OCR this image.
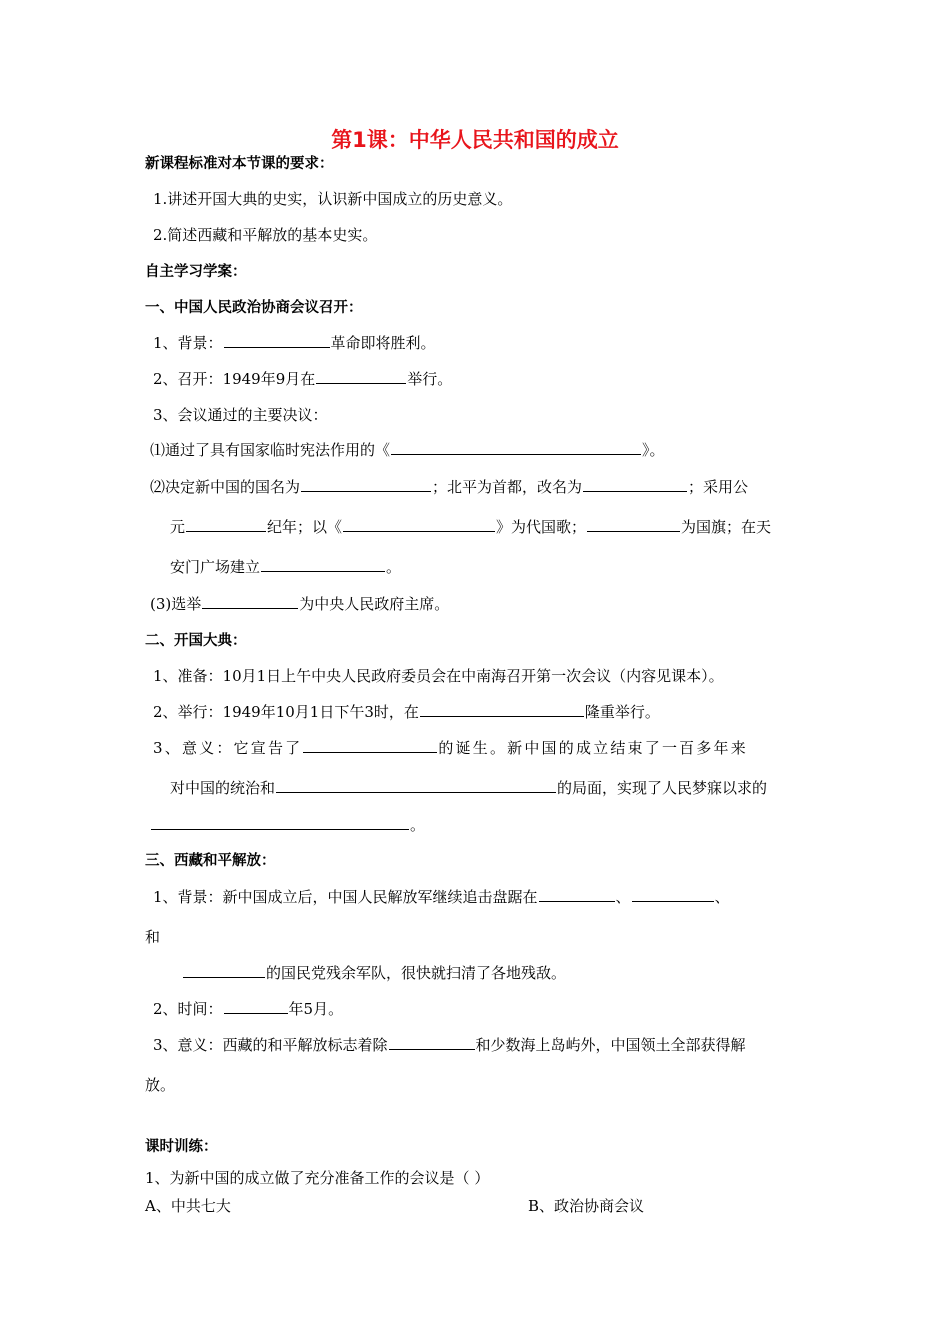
第1课：中华人民共和国的成立
新课程标准对本节课的要求：
1.讲述开国大典的史实，认识新中国成立的历史意义。
2.简述西藏和平解放的基本史实。
自主学习学案：
一、中国人民政治协商会议召开：
1、背景：	革命即将胜利。
2、召开：1949年9月在	举行。
3、会议通过的主要决议：
⑴通过了具有国家临时宪法作用的《	》。
⑵决定新中国的国名为	；北平为首都，改名为	；采用公
元	纪年；以《	》为代国歌；	为国旗；在天
安门广场建立	。
(3)选举	为中央人民政府主席。
二、开国大典：
1、准备：10月1日上午中央人民政府委员会在中南海召开第一次会议（内容见课本）。
2、举行：1949年10月1日下午3时，在	隆重举行。
3、意义：它宣告了	的诞生。新中国的成立结束了一百多年来
对中国的统治和	的局面，实现了人民梦寐以求的
。
三、西藏和平解放：
1、背景：新中国成立后，中国人民解放军继续追击盘踞在	、	、
和
的国民党残余军队，很快就扫清了各地残敌。
2、时间：	年5月。
3、意义：西藏的和平解放标志着除	和少数海上岛屿外，中国领土全部获得解
放。
课时训练：
1、为新中国的成立做了充分准备工作的会议是（ ）
A、中共七大	B、政治协商会议
